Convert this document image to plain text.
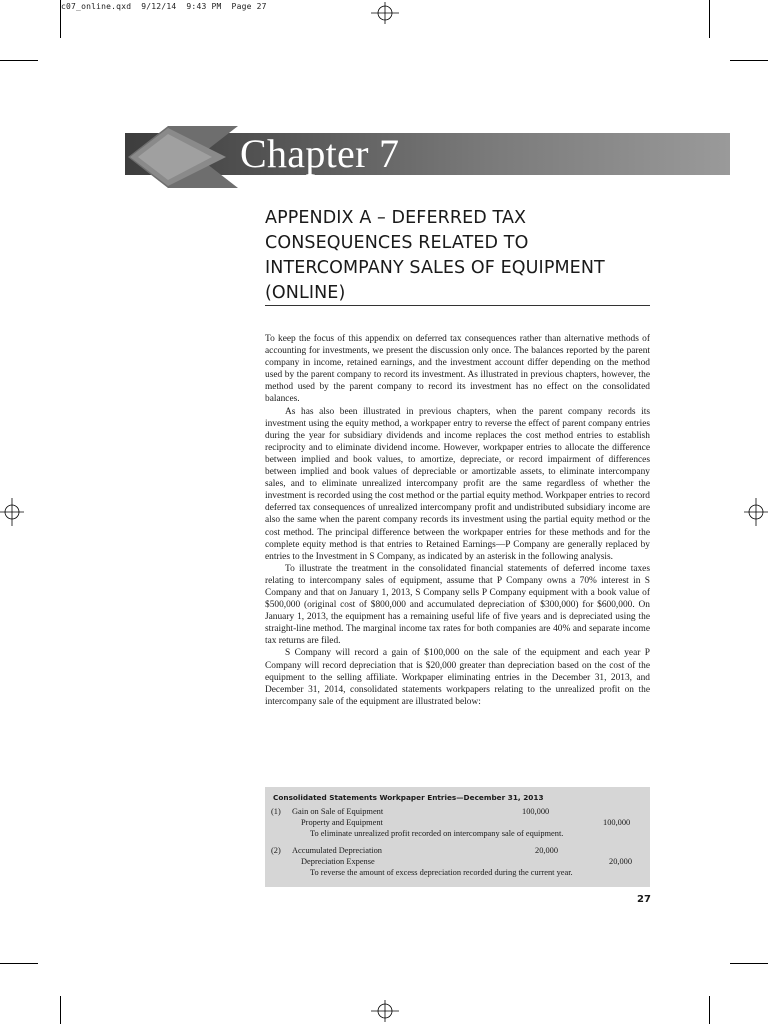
c07_online.qxd  9/12/14  9:43 PM  Page 27
Chapter 7
APPENDIX A – DEFERRED TAX CONSEQUENCES RELATED TO INTERCOMPANY SALES OF EQUIPMENT (ONLINE)

To keep the focus of this appendix on deferred tax consequences rather than alternative methods of accounting for investments, we present the discussion only once. The balances reported by the parent company in income, retained earnings, and the investment account differ depending on the method used by the parent company to record its investment. As illustrated in previous chapters, however, the method used by the parent company to record its investment has no effect on the consolidated balances.

As has also been illustrated in previous chapters, when the parent company records its investment using the equity method, a workpaper entry to reverse the effect of parent company entries during the year for subsidiary dividends and income replaces the cost method entries to establish reciprocity and to eliminate dividend income. However, workpaper entries to allocate the difference between implied and book values, to amortize, depreciate, or record impairment of differences between implied and book values of depreciable or amortizable assets, to eliminate intercompany sales, and to eliminate unrealized intercompany profit are the same regardless of whether the investment is recorded using the cost method or the partial equity method. Workpaper entries to record deferred tax consequences of unrealized intercompany profit and undistributed subsidiary income are also the same when the parent company records its investment using the partial equity method or the cost method. The principal difference between the workpaper entries for these methods and for the complete equity method is that entries to Retained Earnings—P Company are generally replaced by entries to the Investment in S Company, as indicated by an asterisk in the following analysis.

To illustrate the treatment in the consolidated financial statements of deferred income taxes relating to intercompany sales of equipment, assume that P Company owns a 70% interest in S Company and that on January 1, 2013, S Company sells P Company equipment with a book value of $500,000 (original cost of $800,000 and accumulated depreciation of $300,000) for $600,000. On January 1, 2013, the equipment has a remaining useful life of five years and is depreciated using the straight-line method. The marginal income tax rates for both companies are 40% and separate income tax returns are filed.

S Company will record a gain of $100,000 on the sale of the equipment and each year P Company will record depreciation that is $20,000 greater than depreciation based on the cost of the equipment to the selling affiliate. Workpaper eliminating entries in the December 31, 2013, and December 31, 2014, consolidated statements workpapers relating to the unrealized profit on the intercompany sale of the equipment are illustrated below:

Consolidated Statements Workpaper Entries—December 31, 2013
(1) Gain on Sale of Equipment	100,000
Property and Equipment	100,000
To eliminate unrealized profit recorded on intercompany sale of equipment.
(2) Accumulated Depreciation	20,000
Depreciation Expense	20,000
To reverse the amount of excess depreciation recorded during the current year.
27
